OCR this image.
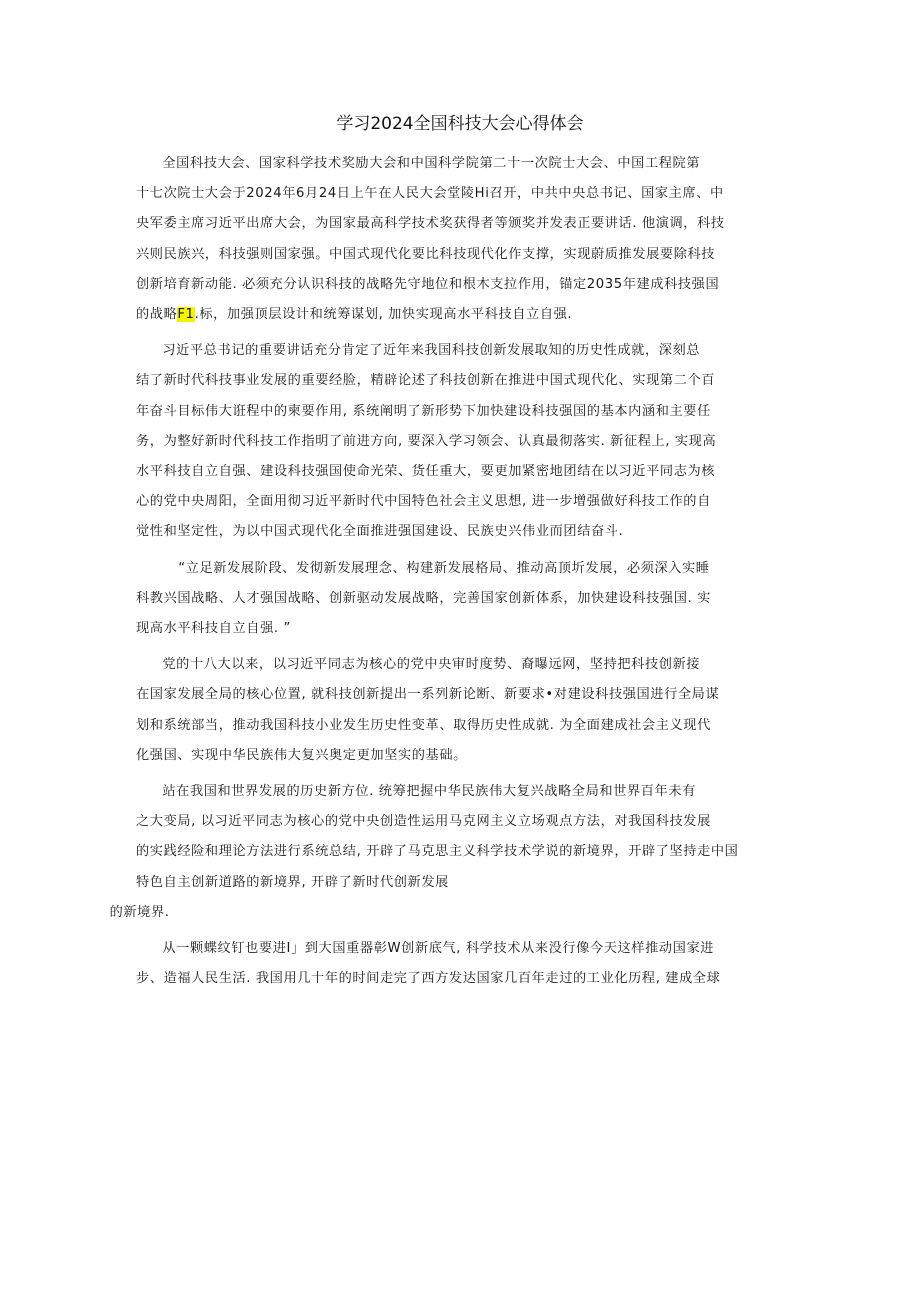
学习2024全国科技大会心得体会

全国科技大会、国家科学技术奖励大会和中国科学院第二十一次院士大会、中国工程院第
十七次院士大会于2024年6月24日上午在人民大会堂陵Hi召开，中共中央总书记、国家主席、中
央军委主席习近平出席大会，为国家最高科学技术奖获得者等颁奖并发表正要讲话. 他演调，科技
兴则民族兴，科技强则国家强。中国式现代化要比科技现代化作支撑，实现蔚质推发展要除科技
创新培育新动能. 必须充分认识科技的战略先守地位和根木支拉作用，锚定2035年建成科技强国
的战略F1.标，加强顶层设计和统筹谋划, 加快实现高水平科技自立自强.

习近平总书记的重要讲话充分肯定了近年来我国科技创新发展取知的历史性成就，深刻总
结了新时代科技事业发展的重要经脸，精辟论述了科技创新在推进中国式现代化、实现第二个百
年奋斗目标伟大诳程中的柬要作用, 系统阐明了新形势下加快建设科技强国的基本内涵和主要任
务，为整好新时代科技工作指明了前进方向, 要深入学习领会、认真最彻落实. 新征程上, 实现高
水平科技自立自强、建设科技强国使命光荣、货任重大，要更加紧密地团结在以习近平同志为核
心的党中央周阳，全面用彻习近平新时代中国特色社会主义思想, 进一步增强做好科技工作的自
觉性和坚定性，为以中国式现代化全面推进强国建设、民族史兴伟业而团结奋斗.

“立足新发展阶段、发彻新发展理念、构建新发展格局、推动高顶圻发展，必须深入实睡
科教兴国战略、人才强国战略、创新驱动发展战略，完善国家创新体系，加快建设科技强国. 实
现高水平科技自立自强. ”

党的十八大以来，以习近平同志为核心的党中央审时度势、裔曝远网，坚持把科技创新接
在国家发展全局的核心位置, 就科技创新提出一系列新论断、新要求•对建设科技强国进行全局谋
划和系统部当，推动我国科技小业发生历史性变革、取得历史性成就. 为全面建成社会主义现代
化强国、实现中华民族伟大复兴奥定更加坚实的基础。

站在我国和世界发展的历史新方位. 统筹把握中华民族伟大复兴战略全局和世界百年未有
之大变局, 以习近平同志为核心的党中央创造性运用马克网主义立场观点方法，对我国科技发展
的实践经险和理论方法进行系统总结, 开辟了马克思主义科学技术学说的新境界，开辟了坚持走中国
特色自主创新道路的新境界, 开辟了新时代创新发展
的新境界.

从一颗蝶纹钉也要进I」到大国重器彰W创新底气, 科学技术从来没行像今天这样推动国家进
步、造福人民生活. 我国用几十年的时间走完了西方发达国家几百年走过的工业化历程, 建成全球
